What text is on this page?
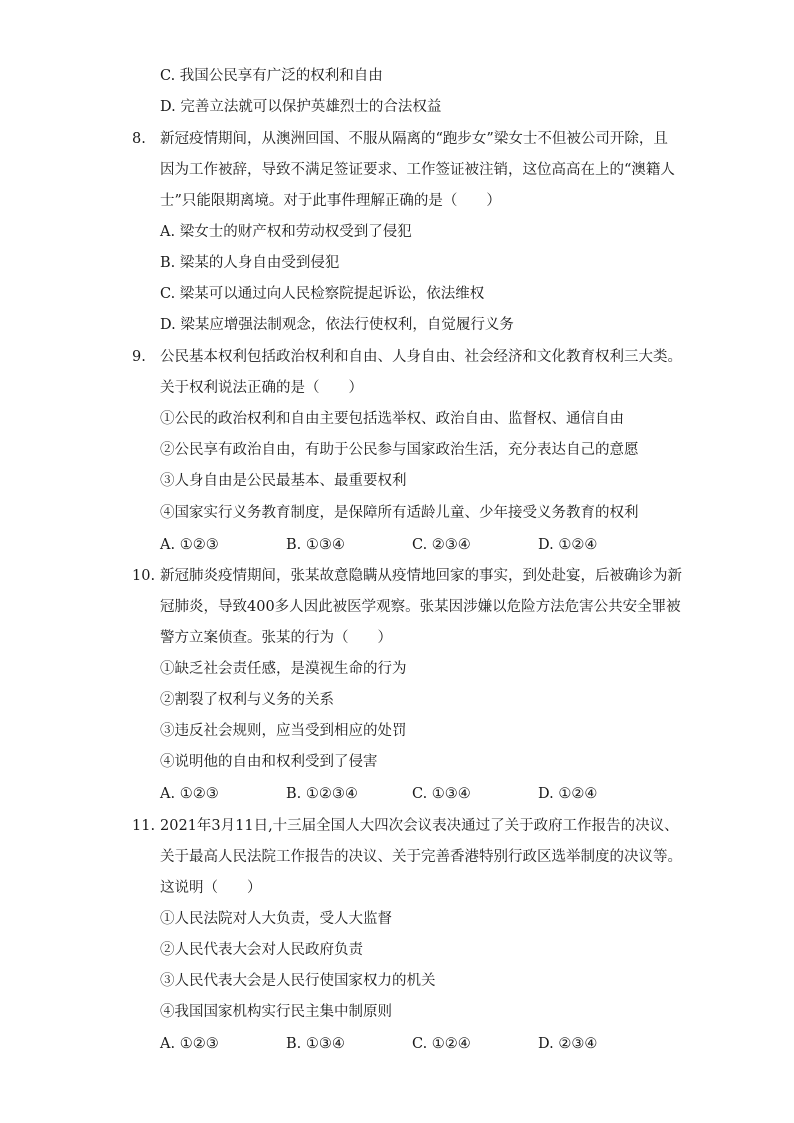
C. 我国公民享有广泛的权利和自由
D. 完善立法就可以保护英雄烈士的合法权益
8. 新冠疫情期间，从澳洲回国、不服从隔离的“跑步女”梁女士不但被公司开除，且
因为工作被辞，导致不满足签证要求、工作签证被注销，这位高高在上的“澳籍人
士”只能限期离境。对于此事件理解正确的是（　　）
A. 梁女士的财产权和劳动权受到了侵犯
B. 梁某的人身自由受到侵犯
C. 梁某可以通过向人民检察院提起诉讼，依法维权
D. 梁某应增强法制观念，依法行使权利，自觉履行义务
9. 公民基本权利包括政治权利和自由、人身自由、社会经济和文化教育权利三大类。
关于权利说法正确的是（　　）
①公民的政治权利和自由主要包括选举权、政治自由、监督权、通信自由
②公民享有政治自由，有助于公民参与国家政治生活，充分表达自己的意愿
③人身自由是公民最基本、最重要权利
④国家实行义务教育制度，是保障所有适龄儿童、少年接受义务教育的权利
A. ①②③	B. ①③④	C. ②③④	D. ①②④
10. 新冠肺炎疫情期间，张某故意隐瞒从疫情地回家的事实，到处赴宴，后被确诊为新
冠肺炎，导致400多人因此被医学观察。张某因涉嫌以危险方法危害公共安全罪被
警方立案侦查。张某的行为（　　）
①缺乏社会责任感，是漠视生命的行为
②割裂了权利与义务的关系
③违反社会规则，应当受到相应的处罚
④说明他的自由和权利受到了侵害
A. ①②③	B. ①②③④	C. ①③④	D. ①②④
11. 2021年3月11日,十三届全国人大四次会议表决通过了关于政府工作报告的决议、
关于最高人民法院工作报告的决议、关于完善香港特别行政区选举制度的决议等。
这说明（　　）
①人民法院对人大负责，受人大监督
②人民代表大会对人民政府负责
③人民代表大会是人民行使国家权力的机关
④我国国家机构实行民主集中制原则
A. ①②③	B. ①③④	C. ①②④	D. ②③④
